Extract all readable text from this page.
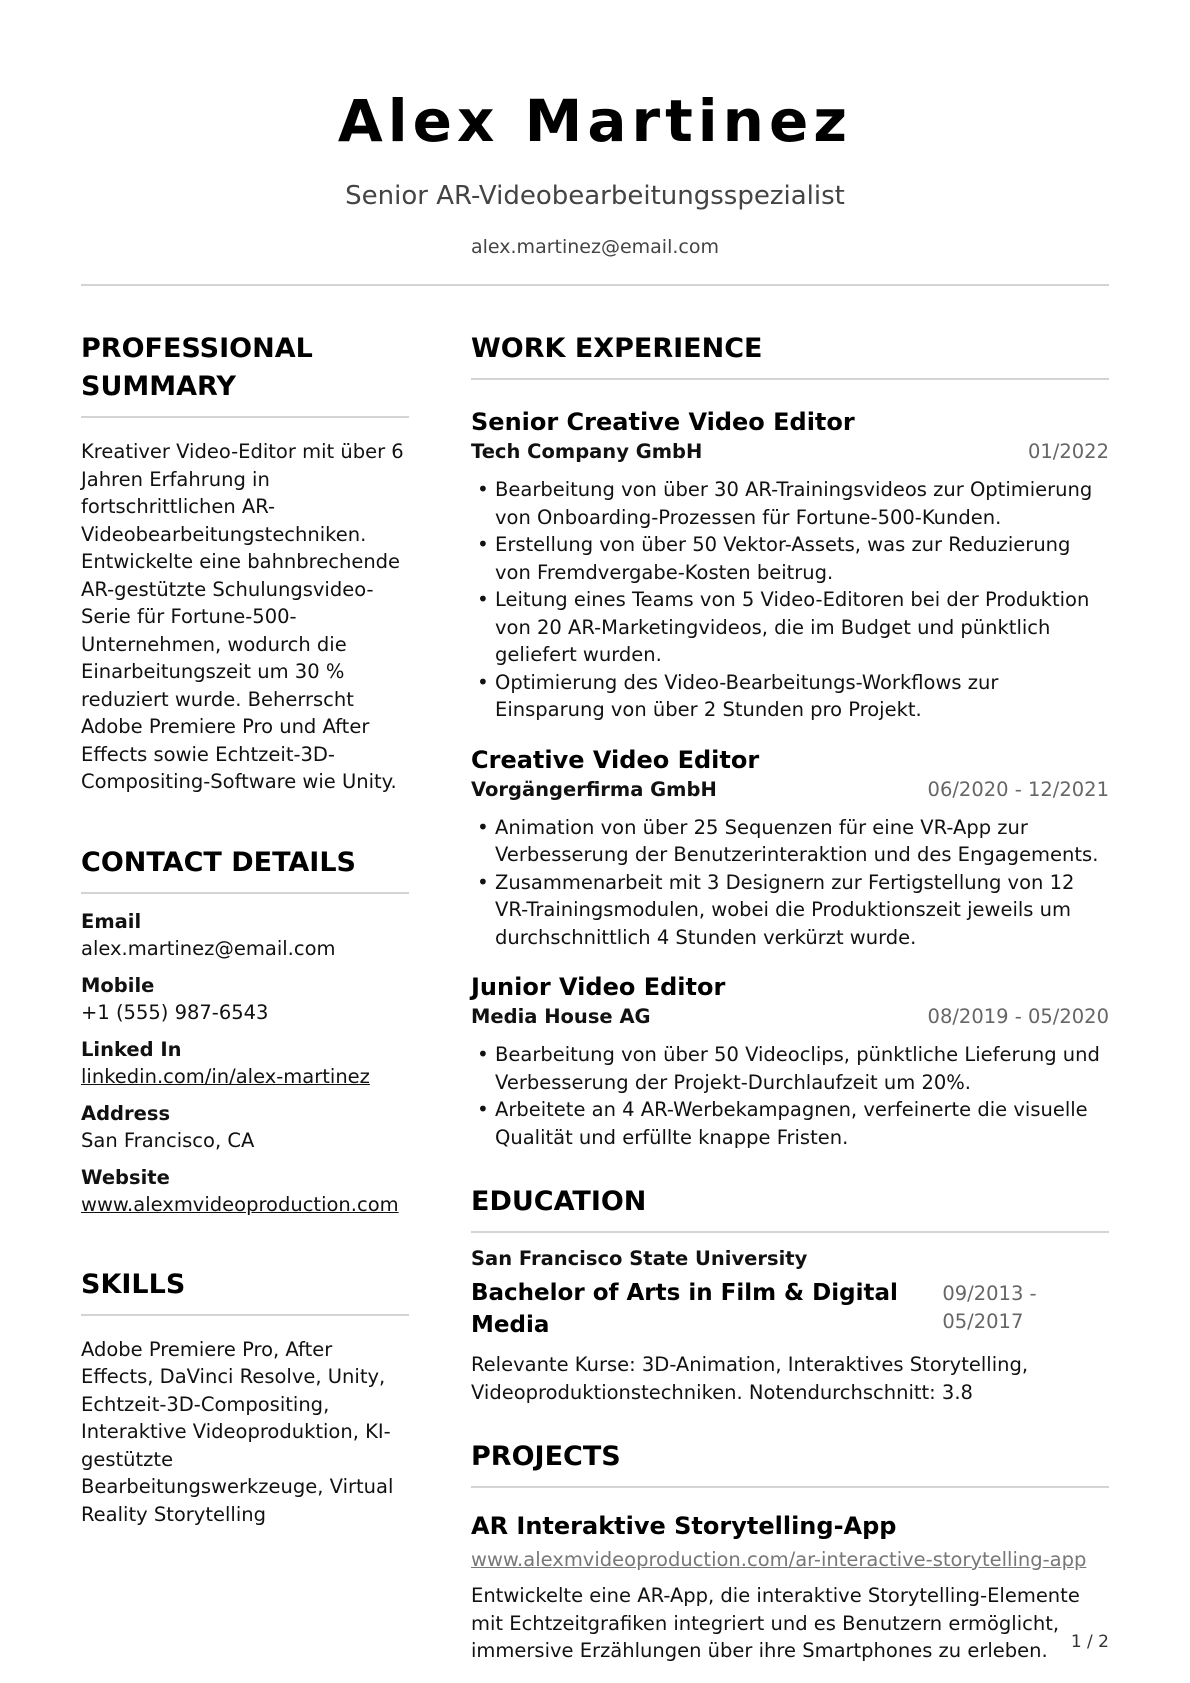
Alex Martinez
Senior AR-Videobearbeitungsspezialist
alex.martinez@email.com
PROFESSIONAL SUMMARY

Kreativer Video-Editor mit über 6 Jahren Erfahrung in fortschrittlichen AR-Videobearbeitungstechniken. Entwickelte eine bahnbrechende AR-gestützte Schulungsvideo-Serie für Fortune-500-Unternehmen, wodurch die Einarbeitungszeit um 30 % reduziert wurde. Beherrscht Adobe Premiere Pro und After Effects sowie Echtzeit-3D-Compositing-Software wie Unity.

CONTACT DETAILS
Email
alex.martinez@email.com
Mobile
+1 (555) 987-6543
Linked In
linkedin.com/in/alex-martinez
Address
San Francisco, CA
Website
www.alexmvideoproduction.com
SKILLS

Adobe Premiere Pro, After Effects, DaVinci Resolve, Unity, Echtzeit-3D-Compositing, Interaktive Videoproduktion, KI-gestützte Bearbeitungswerkzeuge, Virtual Reality Storytelling

WORK EXPERIENCE
Senior Creative Video Editor
Tech Company GmbH	01/2022
• Bearbeitung von über 30 AR-Trainingsvideos zur Optimierung von Onboarding-Prozessen für Fortune-500-Kunden.
• Erstellung von über 50 Vektor-Assets, was zur Reduzierung von Fremdvergabe-Kosten beitrug.
• Leitung eines Teams von 5 Video-Editoren bei der Produktion von 20 AR-Marketingvideos, die im Budget und pünktlich geliefert wurden.
• Optimierung des Video-Bearbeitungs-Workflows zur Einsparung von über 2 Stunden pro Projekt.
Creative Video Editor
Vorgängerfirma GmbH	06/2020 - 12/2021
• Animation von über 25 Sequenzen für eine VR-App zur Verbesserung der Benutzerinteraktion und des Engagements.
• Zusammenarbeit mit 3 Designern zur Fertigstellung von 12 VR-Trainingsmodulen, wobei die Produktionszeit jeweils um durchschnittlich 4 Stunden verkürzt wurde.
Junior Video Editor
Media House AG	08/2019 - 05/2020
• Bearbeitung von über 50 Videoclips, pünktliche Lieferung und Verbesserung der Projekt-Durchlaufzeit um 20%.
• Arbeitete an 4 AR-Werbekampagnen, verfeinerte die visuelle Qualität und erfüllte knappe Fristen.
EDUCATION
San Francisco State University
Bachelor of Arts in Film & Digital Media
09/2013 - 05/2017

Relevante Kurse: 3D-Animation, Interaktives Storytelling, Videoproduktionstechniken. Notendurchschnitt: 3.8

PROJECTS
AR Interaktive Storytelling-App
www.alexmvideoproduction.com/ar-interactive-storytelling-app

Entwickelte eine AR-App, die interaktive Storytelling-Elemente mit Echtzeitgrafiken integriert und es Benutzern ermöglicht, immersive Erzählungen über ihre Smartphones zu erleben.	1 / 2
